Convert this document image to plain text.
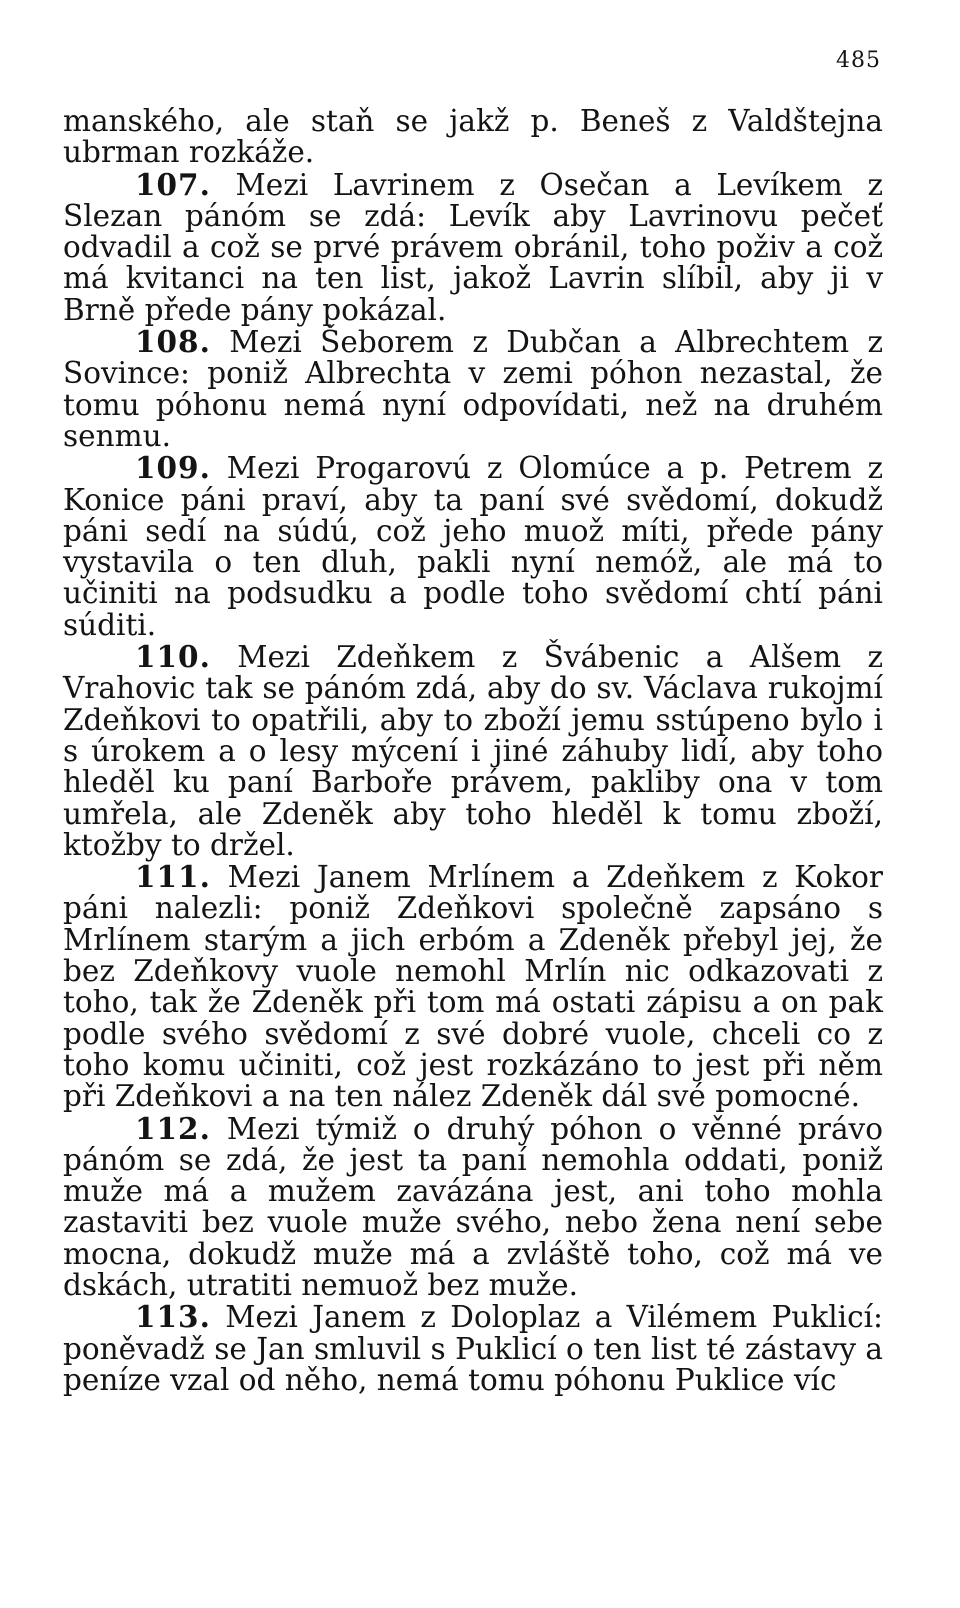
485

manského, ale staň se jakž p. Beneš z Valdštejna ubrman rozkáže.

107. Mezi Lavrinem z Osečan a Levíkem z Slezan pánóm se zdá: Levík aby Lavrinovu pečeť odvadil a což se prvé právem obránil, toho poživ a což má kvitanci na ten list, jakož Lavrin slíbil, aby ji v Brně přede pány pokázal.

108. Mezi Šeborem z Dubčan a Albrechtem z Sovince: poniž Albrechta v zemi póhon nezastal, že tomu póhonu nemá nyní odpovídati, než na druhém senmu.

109. Mezi Progarovú z Olomúce a p. Petrem z Konice páni praví, aby ta paní své svědomí, dokudž páni sedí na súdú, což jeho muož míti, přede pány vystavila o ten dluh, pakli nyní nemóž, ale má to učiniti na podsudku a podle toho svědomí chtí páni súditi.

110. Mezi Zdeňkem z Švábenic a Alšem z Vrahovic tak se pánóm zdá, aby do sv. Václava rukojmí Zdeňkovi to opatřili, aby to zboží jemu sstúpeno bylo i s úrokem a o lesy mýcení i jiné záhuby lidí, aby toho hleděl ku paní Barboře právem, pakliby ona v tom umřela, ale Zdeněk aby toho hleděl k tomu zboží, ktožby to držel.

111. Mezi Janem Mrlínem a Zdeňkem z Kokor páni nalezli: poniž Zdeňkovi společně zapsáno s Mrlínem starým a jich erbóm a Zdeněk přebyl jej, že bez Zdeňkovy vuole nemohl Mrlín nic odkazovati z toho, tak že Zdeněk při tom má ostati zápisu a on pak podle svého svědomí z své dobré vuole, chceli co z toho komu učiniti, což jest rozkázáno to jest při něm při Zdeňkovi a na ten nález Zdeněk dál své pomocné.

112. Mezi týmiž o druhý póhon o věnné právo pánóm se zdá, že jest ta paní nemohla oddati, poniž muže má a mužem zavázána jest, ani toho mohla zastaviti bez vuole muže svého, nebo žena není sebe mocna, dokudž muže má a zvláště toho, což má ve dskách, utratiti nemuož bez muže.

113. Mezi Janem z Doloplaz a Vilémem Puklicí: poněvadž se Jan smluvil s Puklicí o ten list té zástavy a peníze vzal od něho, nemá tomu póhonu Puklice víc
